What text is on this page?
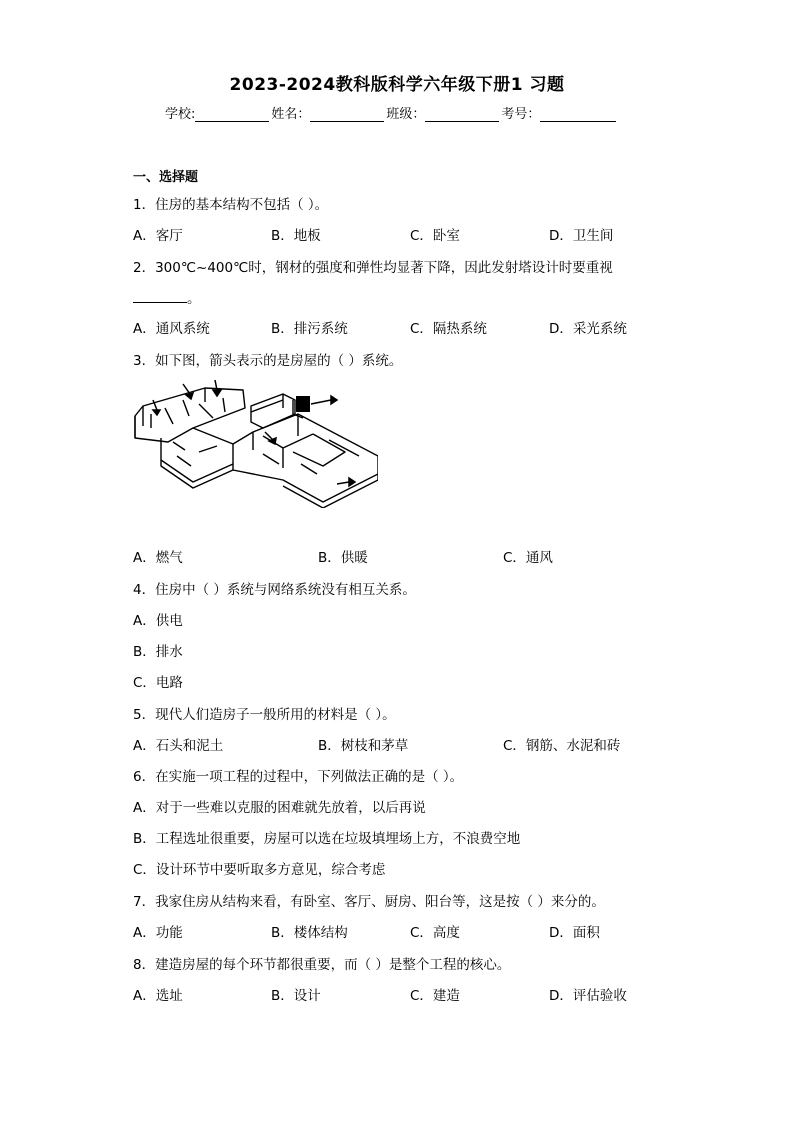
2023-2024教科版科学六年级下册1 习题
学校:	姓名：	班级：	考号：
一、选择题
1．住房的基本结构不包括（ ）。
A．客厅	B．地板	C．卧室	D．卫生间
2．300℃~400℃时，钢材的强度和弹性均显著下降，因此发射塔设计时要重视
。
A．通风系统	B．排污系统	C．隔热系统	D．采光系统
3．如下图，箭头表示的是房屋的（ ）系统。
A．燃气	B．供暖	C．通风
4．住房中（ ）系统与网络系统没有相互关系。
A．供电
B．排水
C．电路
5．现代人们造房子一般所用的材料是（ ）。
A．石头和泥土	B．树枝和茅草	C．钢筋、水泥和砖
6．在实施一项工程的过程中，下列做法正确的是（ ）。
A．对于一些难以克服的困难就先放着，以后再说
B．工程选址很重要，房屋可以选在垃圾填埋场上方，不浪费空地
C．设计环节中要听取多方意见，综合考虑
7．我家住房从结构来看，有卧室、客厅、厨房、阳台等，这是按（ ）来分的。
A．功能	B．楼体结构	C．高度	D．面积
8．建造房屋的每个环节都很重要，而（ ）是整个工程的核心。
A．选址	B．设计	C．建造	D．评估验收
